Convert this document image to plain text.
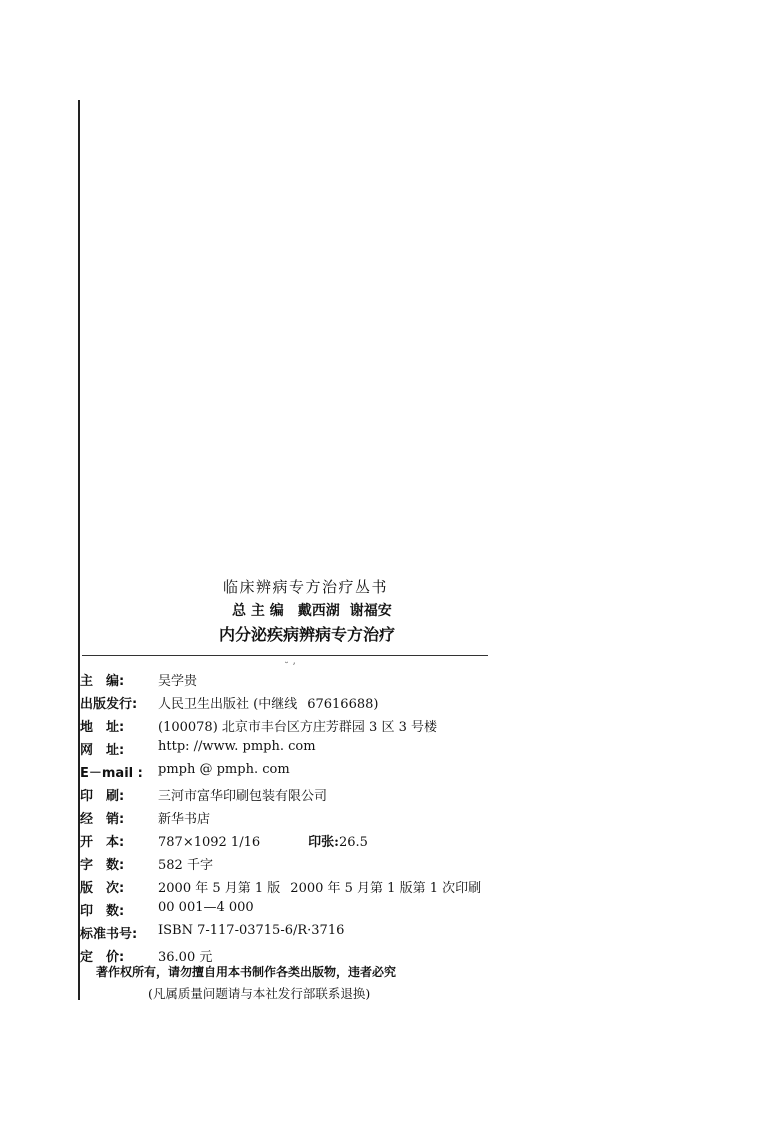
临床辨病专方治疗丛书
总 主 编 戴西湖 谢福安
内分泌疾病辨病专方治疗
˘ ʼ
主　编:	吴学贵
出版发行:	人民卫生出版社 (中继线 67616688)
地　址:	(100078) 北京市丰台区方庄芳群园 3 区 3 号楼
网　址:	http: //www. pmph. com
E－mail :	pmph @ pmph. com
印　刷:	三河市富华印刷包装有限公司
经　销:	新华书店
开　本:	787×1092 1/16	印张:26.5
字　数:	582 千字
版　次:	2000 年 5 月第 1 版 2000 年 5 月第 1 版第 1 次印刷
印　数:	00 001—4 000
标准书号:	ISBN 7-117-03715-6/R·3716
定　价:	36.00 元
著作权所有，请勿擅自用本书制作各类出版物，违者必究
(凡属质量问题请与本社发行部联系退换)
